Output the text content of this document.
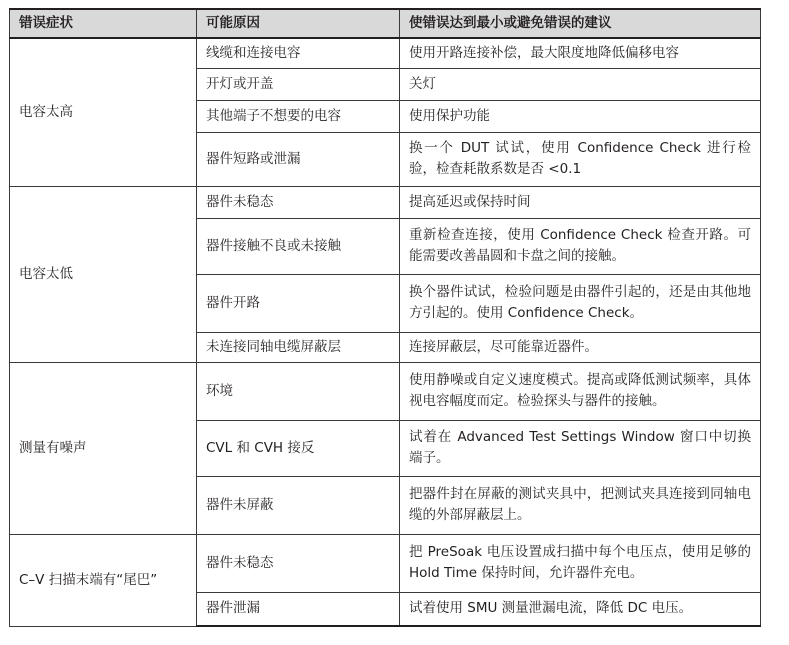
错误症状	可能原因	使错误达到最小或避免错误的建议
电容太高	线缆和连接电容	使用开路连接补偿，最大限度地降低偏移电容
	开灯或开盖	关灯
	其他端子不想要的电容	使用保护功能
	器件短路或泄漏	换一个 DUT 试试，使用 Confidence Check 进行检验，检查耗散系数是否 <0.1
电容太低	器件未稳态	提高延迟或保持时间
	器件接触不良或未接触	重新检查连接，使用 Confidence Check 检查开路。可能需要改善晶圆和卡盘之间的接触。
	器件开路	换个器件试试，检验问题是由器件引起的，还是由其他地方引起的。使用 Confidence Check。
	未连接同轴电缆屏蔽层	连接屏蔽层，尽可能靠近器件。
测量有噪声	环境	使用静噪或自定义速度模式。提高或降低测试频率，具体视电容幅度而定。检验探头与器件的接触。
	CVL 和 CVH 接反	试着在 Advanced Test Settings Window 窗口中切换端子。
	器件未屏蔽	把器件封在屏蔽的测试夹具中，把测试夹具连接到同轴电缆的外部屏蔽层上。
C–V 扫描末端有“尾巴”	器件未稳态	把 PreSoak 电压设置成扫描中每个电压点，使用足够的 Hold Time 保持时间，允许器件充电。
	器件泄漏	试着使用 SMU 测量泄漏电流，降低 DC 电压。
